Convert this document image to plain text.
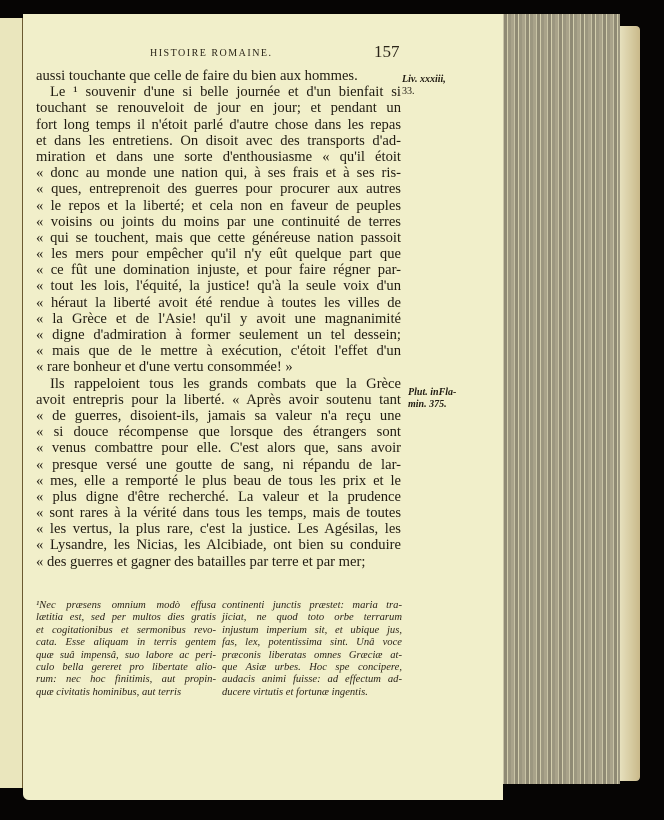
HISTOIRE ROMAINE.	157
Liv. xxxiii,
33.
Plut. inFla-
min. 375.
aussi touchante que celle de faire du bien aux hommes.
Le ¹ souvenir d'une si belle journée et d'un bienfait si
touchant se renouveloit de jour en jour; et pendant un
fort long temps il n'étoit parlé d'autre chose dans les repas
et dans les entretiens. On disoit avec des transports d'ad-
miration et dans une sorte d'enthousiasme « qu'il étoit
« donc au monde une nation qui, à ses frais et à ses ris-
« ques, entreprenoit des guerres pour procurer aux autres
« le repos et la liberté; et cela non en faveur de peuples
« voisins ou joints du moins par une continuité de terres
« qui se touchent, mais que cette généreuse nation passoit
« les mers pour empêcher qu'il n'y eût quelque part que
« ce fût une domination injuste, et pour faire régner par-
« tout les lois, l'équité, la justice! qu'à la seule voix d'un
« héraut la liberté avoit été rendue à toutes les villes de
« la Grèce et de l'Asie! qu'il y avoit une magnanimité
« digne d'admiration à former seulement un tel dessein;
« mais que de le mettre à exécution, c'étoit l'effet d'un
« rare bonheur et d'une vertu consommée! »
Ils rappeloient tous les grands combats que la Grèce
avoit entrepris pour la liberté. « Après avoir soutenu tant
« de guerres, disoient-ils, jamais sa valeur n'a reçu une
« si douce récompense que lorsque des étrangers sont
« venus combattre pour elle. C'est alors que, sans avoir
« presque versé une goutte de sang, ni répandu de lar-
« mes, elle a remporté le plus beau de tous les prix et le
« plus digne d'être recherché. La valeur et la prudence
« sont rares à la vérité dans tous les temps, mais de toutes
« les vertus, la plus rare, c'est la justice. Les Agésilas, les
« Lysandre, les Nicias, les Alcibiade, ont bien su conduire
« des guerres et gagner des batailles par terre et par mer;
¹Nec præsens omnium modò effusa
lætitia est, sed per multos dies gratis
et cogitationibus et sermonibus revo-
cata. Esse aliquam in terris gentem
quæ suâ impensâ, suo labore ac peri-
culo bella gereret pro libertate alio-
rum: nec hoc finitimis, aut propin-
quæ civitatis hominibus, aut terris
continenti junctis præstet: maria tra-
jiciat, ne quod toto orbe terrarum
injustum imperium sit, et ubique jus,
fas, lex, potentissima sint. Unâ voce
præconis liberatas omnes Græciæ at-
que Asiæ urbes. Hoc spe concipere,
audacis animi fuisse: ad effectum ad-
ducere virtutis et fortunæ ingentis.
